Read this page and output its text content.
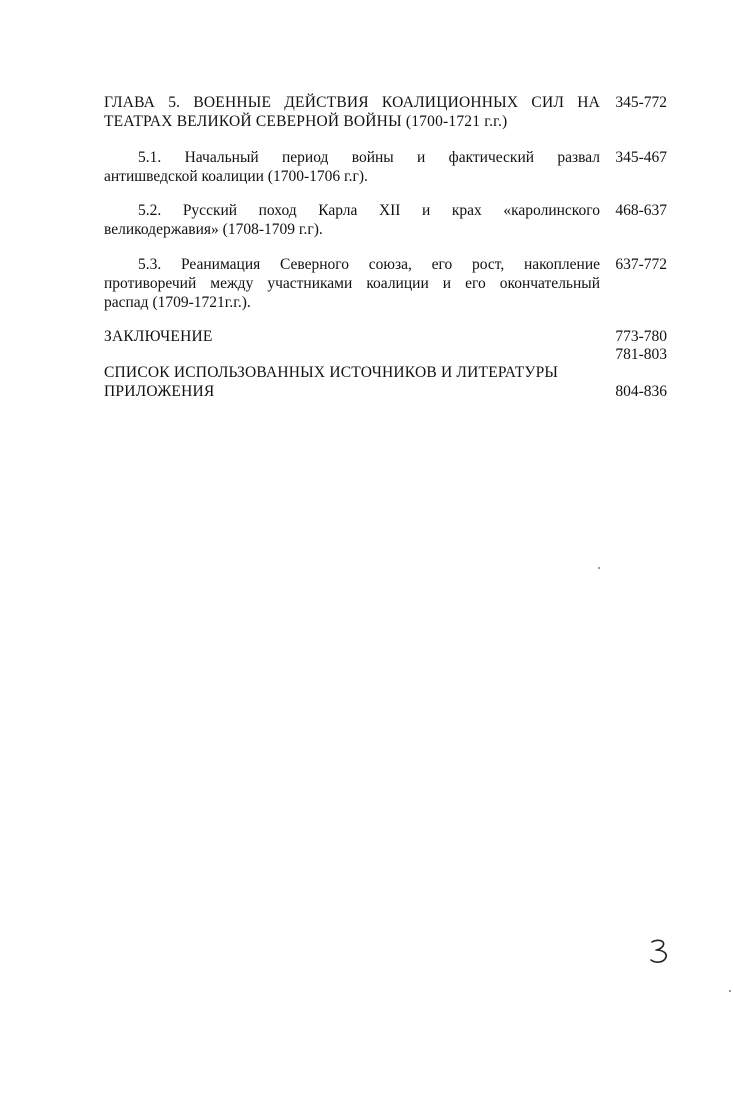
ГЛАВА 5. ВОЕННЫЕ ДЕЙСТВИЯ КОАЛИЦИОННЫХ СИЛ НА
ТЕАТРАХ ВЕЛИКОЙ СЕВЕРНОЙ ВОЙНЫ (1700-1721 г.г.)
345-772
5.1. Начальный период войны и фактический развал
антишведской коалиции (1700-1706 г.г).
345-467
5.2. Русский поход Карла XII и крах «каролинского
великодержавия» (1708-1709 г.г).
468-637
5.3. Реанимация Северного союза, его рост, накопление
противоречий между участниками коалиции и его окончательный
распад (1709-1721г.г.).
637-772
ЗАКЛЮЧЕНИЕ	773-780
781-803
СПИСОК ИСПОЛЬЗОВАННЫХ ИСТОЧНИКОВ И ЛИТЕРАТУРЫ
ПРИЛОЖЕНИЯ	804-836
